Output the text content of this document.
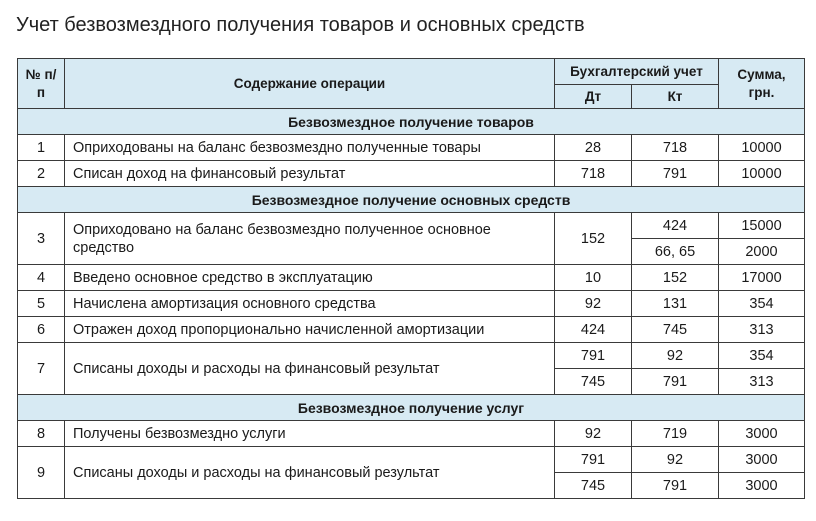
Учет безвозмездного получения товаров и основных средств
№ п/п	Содержание операции	Бухгалтерский учет		Сумма, грн.
		Дт	Кт	
Безвозмездное получение товаров				
1	Оприходованы на баланс безвозмездно полученные товары	28	718	10000
2	Списан доход на финансовый результат	718	791	10000
Безвозмездное получение основных средств				
3	Оприходовано на баланс безвозмездно полученное основное средство	152	424	15000
			66, 65	2000
4	Введено основное средство в эксплуатацию	10	152	17000
5	Начислена амортизация основного средства	92	131	354
6	Отражен доход пропорционально начисленной амортизации	424	745	313
7	Списаны доходы и расходы на финансовый результат	791	92	354
		745	791	313
Безвозмездное получение услуг				
8	Получены безвозмездно услуги	92	719	3000
9	Списаны доходы и расходы на финансовый результат	791	92	3000
		745	791	3000
